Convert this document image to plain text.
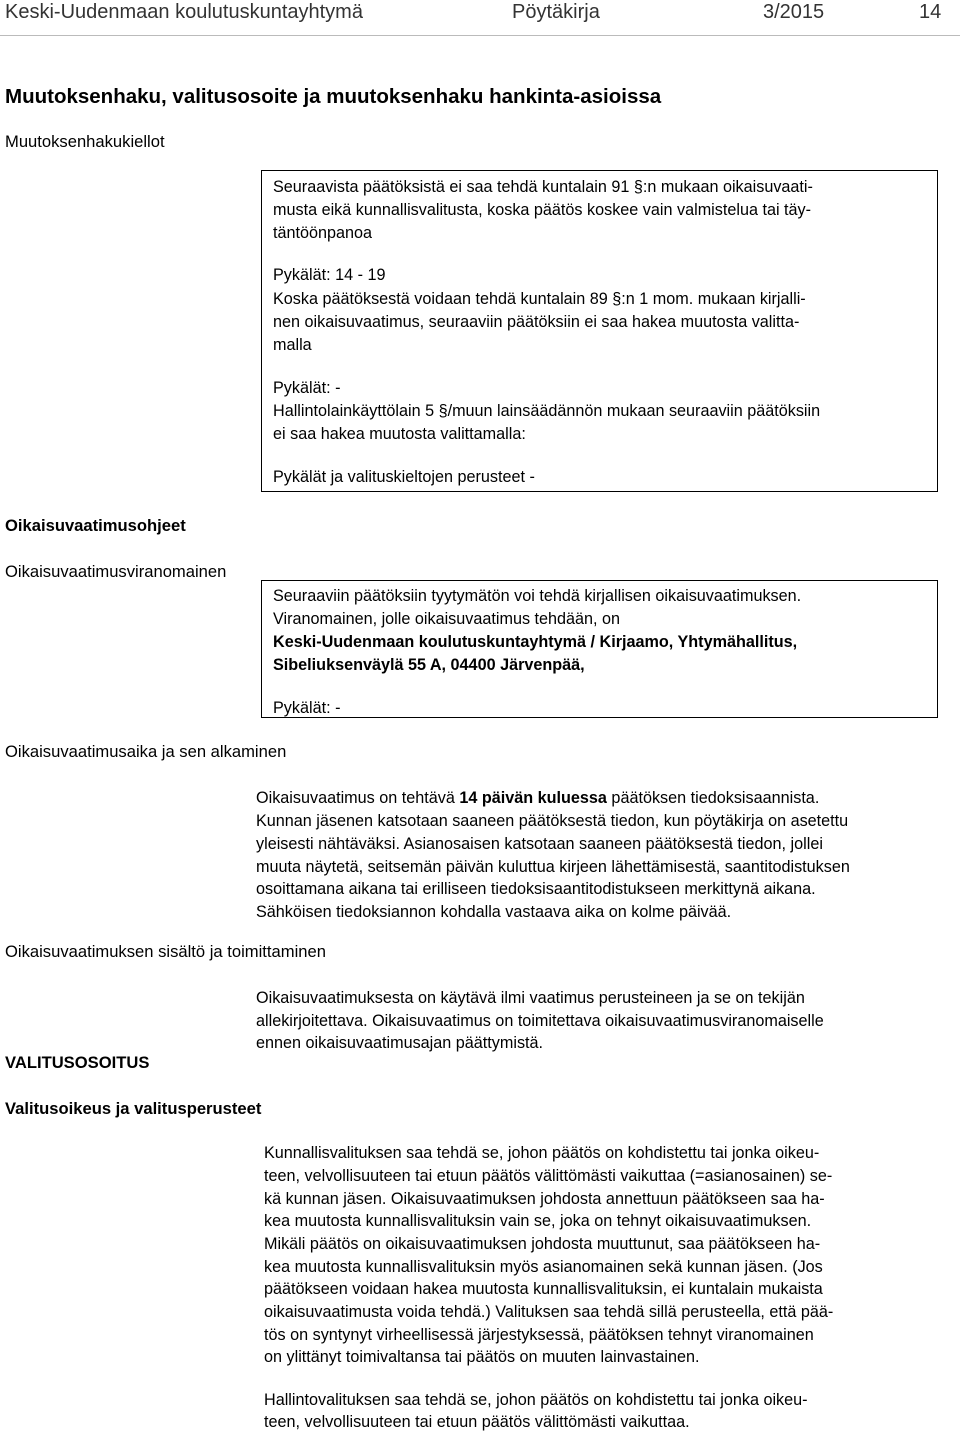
Keski-Uudenmaan koulutuskuntayhtymä	Pöytäkirja	3/2015	14
Muutoksenhaku, valitusosoite ja muutoksenhaku hankinta-asioissa
Muutoksenhakukiellot
Seuraavista päätöksistä ei saa tehdä kuntalain 91 §:n mukaan oikaisuvaati-
musta eikä kunnallisvalitusta, koska päätös koskee vain valmistelua tai täy-
täntöönpanoa
Pykälät: 14 - 19
Koska päätöksestä voidaan tehdä kuntalain 89 §:n 1 mom. mukaan kirjalli-
nen oikaisuvaatimus, seuraaviin päätöksiin ei saa hakea muutosta valitta-
malla
Pykälät: -
Hallintolainkäyttölain 5 §/muun lainsäädännön mukaan seuraaviin päätöksiin
ei saa hakea muutosta valittamalla:
Pykälät ja valituskieltojen perusteet -
Oikaisuvaatimusohjeet
Oikaisuvaatimusviranomainen
Seuraaviin päätöksiin tyytymätön voi tehdä kirjallisen oikaisuvaatimuksen.
Viranomainen, jolle oikaisuvaatimus tehdään, on
Keski-Uudenmaan koulutuskuntayhtymä / Kirjaamo, Yhtymähallitus,
Sibeliuksenväylä 55 A, 04400 Järvenpää,
Pykälät: -
Oikaisuvaatimusaika ja sen alkaminen
Oikaisuvaatimus on tehtävä 14 päivän kuluessa päätöksen tiedoksisaannista.
Kunnan jäsenen katsotaan saaneen päätöksestä tiedon, kun pöytäkirja on asetettu
yleisesti nähtäväksi. Asianosaisen katsotaan saaneen päätöksestä tiedon, jollei
muuta näytetä, seitsemän päivän kuluttua kirjeen lähettämisestä, saantitodistuksen
osoittamana aikana tai erilliseen tiedoksisaantitodistukseen merkittynä aikana.
Sähköisen tiedoksiannon kohdalla vastaava aika on kolme päivää.
Oikaisuvaatimuksen sisältö ja toimittaminen
Oikaisuvaatimuksesta on käytävä ilmi vaatimus perusteineen ja se on tekijän
allekirjoitettava. Oikaisuvaatimus on toimitettava oikaisuvaatimusviranomaiselle
ennen oikaisuvaatimusajan päättymistä.
VALITUSOSOITUS
Valitusoikeus ja valitusperusteet
Kunnallisvalituksen saa tehdä se, johon päätös on kohdistettu tai jonka oikeu-
teen, velvollisuuteen tai etuun päätös välittömästi vaikuttaa (=asianosainen) se-
kä kunnan jäsen. Oikaisuvaatimuksen johdosta annettuun päätökseen saa ha-
kea muutosta kunnallisvalituksin vain se, joka on tehnyt oikaisuvaatimuksen.
Mikäli päätös on oikaisuvaatimuksen johdosta muuttunut, saa päätökseen ha-
kea muutosta kunnallisvalituksin myös asianomainen sekä kunnan jäsen. (Jos
päätökseen voidaan hakea muutosta kunnallisvalituksin, ei kuntalain mukaista
oikaisuvaatimusta voida tehdä.) Valituksen saa tehdä sillä perusteella, että pää-
tös on syntynyt virheellisessä järjestyksessä, päätöksen tehnyt viranomainen
on ylittänyt toimivaltansa tai päätös on muuten lainvastainen.
Hallintovalituksen saa tehdä se, johon päätös on kohdistettu tai jonka oikeu-
teen, velvollisuuteen tai etuun päätös välittömästi vaikuttaa.
